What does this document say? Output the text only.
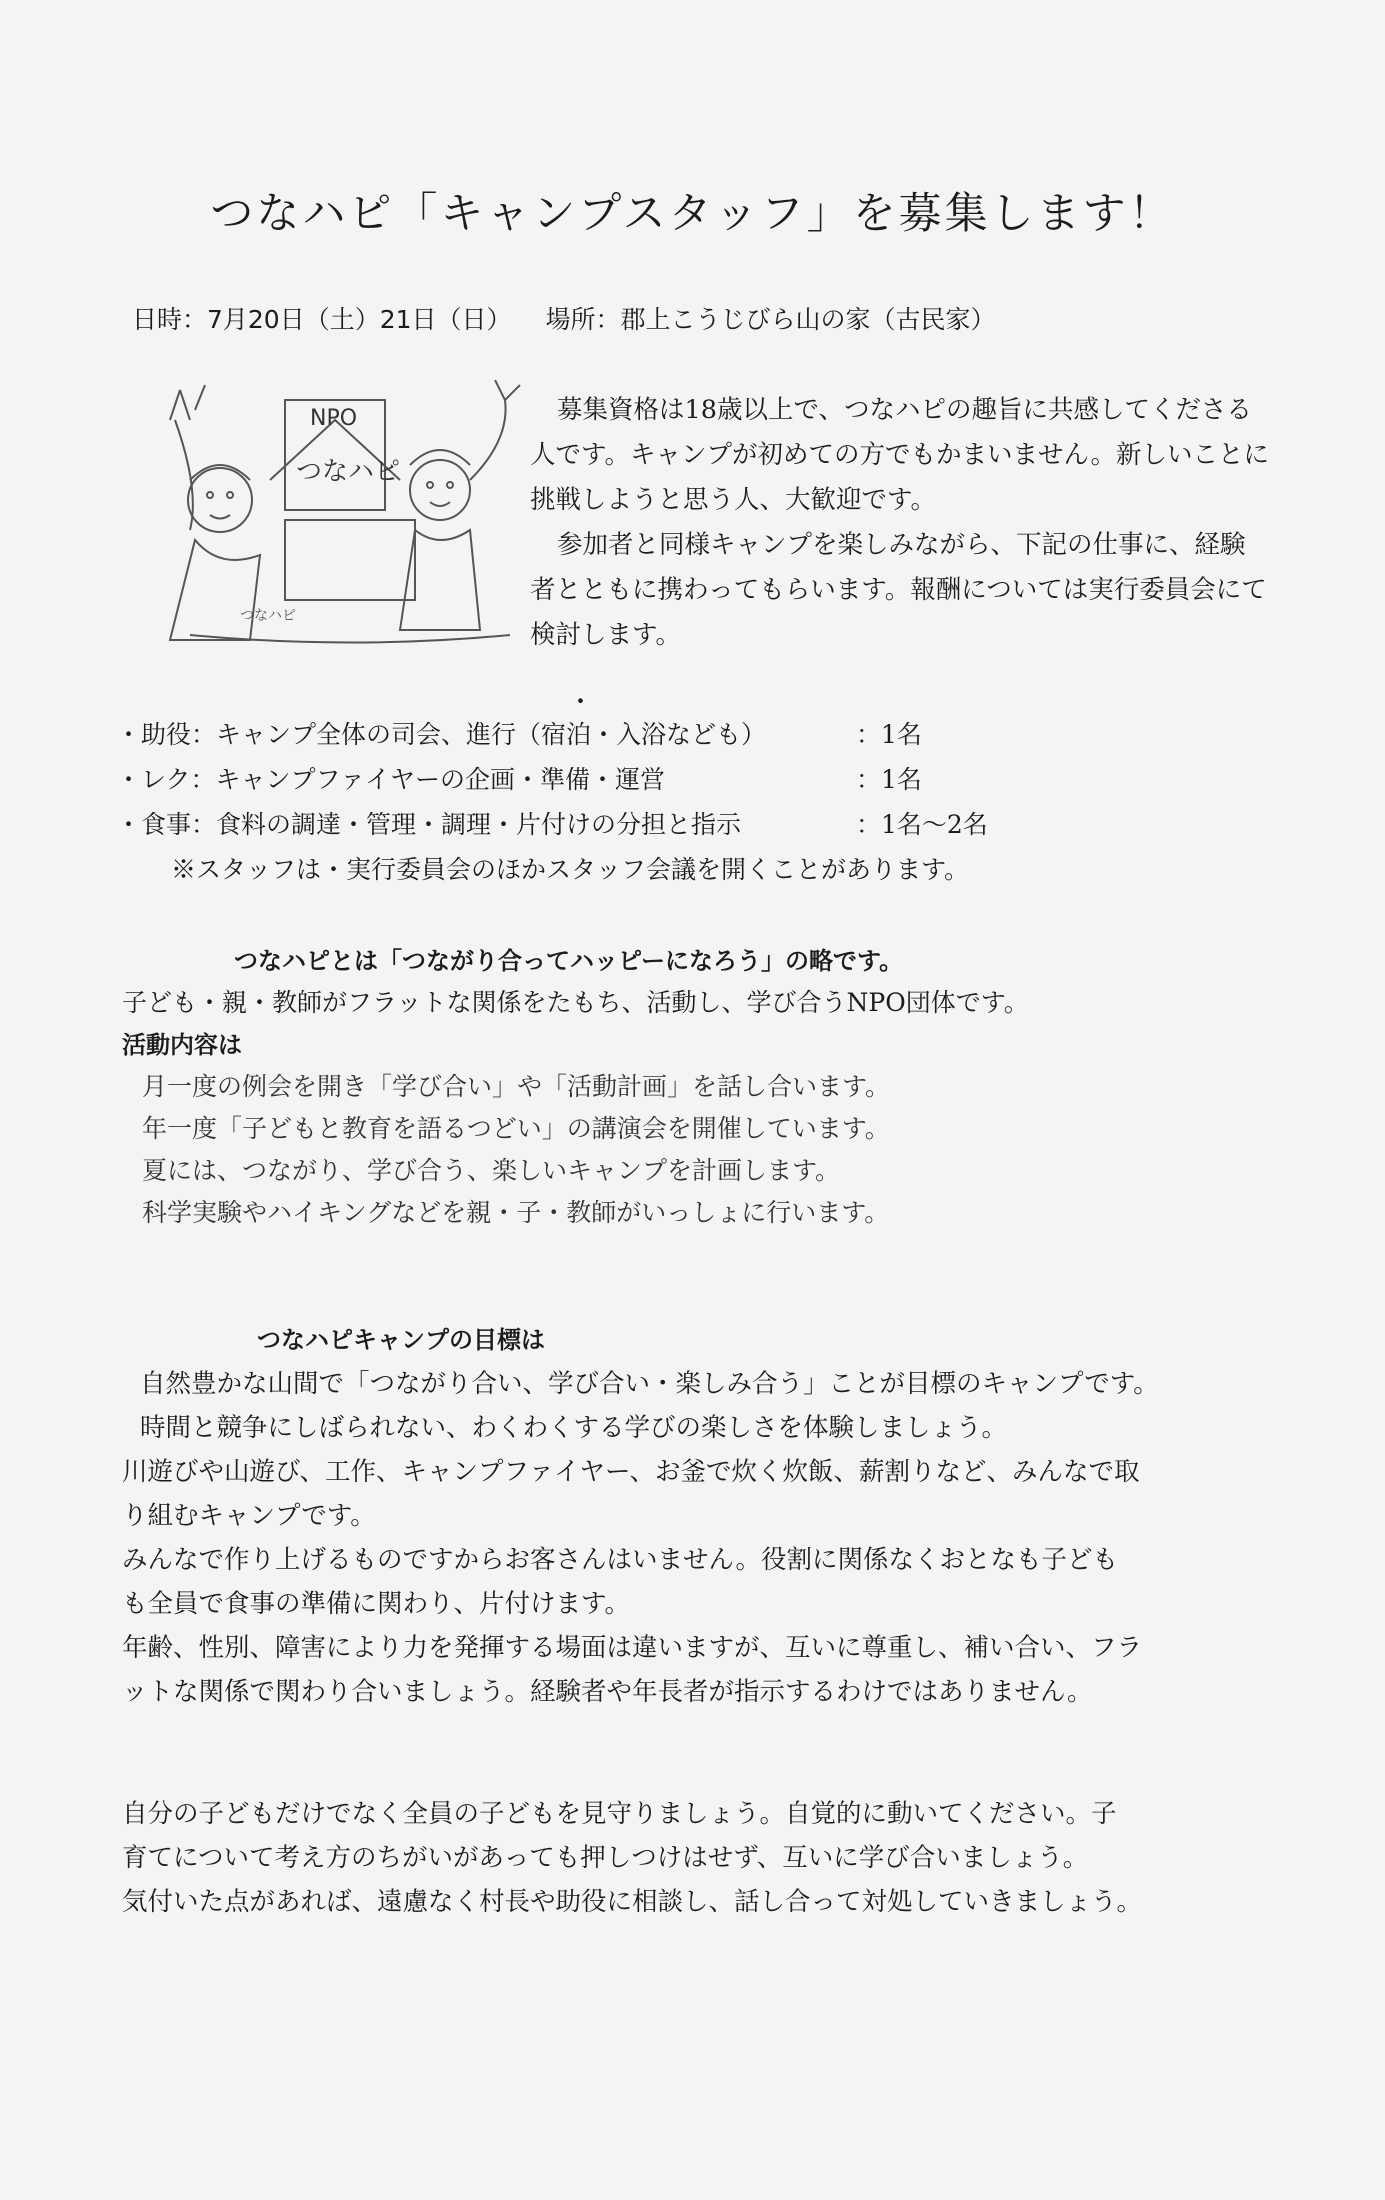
つなハピ「キャンプスタッフ」を募集します！
日時：7月20日（土）21日（日） 場所：郡上こうじびら山の家（古民家）
NPO
つなハピ
つなハピ

募集資格は18歳以上で、つなハピの趣旨に共感してくださる人です。キャンプが初めての方でもかまいません。新しいことに挑戦しようと思う人、大歓迎です。

参加者と同様キャンプを楽しみながら、下記の仕事に、経験者とともに携わってもらいます。報酬については実行委員会にて検討します。

・
・助役：キャンプ全体の司会、進行（宿泊・入浴なども）	：1名
・レク：キャンプファイヤーの企画・準備・運営	：1名
・食事：食料の調達・管理・調理・片付けの分担と指示	：1名～2名
※スタッフは・実行委員会のほかスタッフ会議を開くことがあります。
つなハピとは「つながり合ってハッピーになろう」の略です。
子ども・親・教師がフラットな関係をたもち、活動し、学び合うNPO団体です。
活動内容は
月一度の例会を開き「学び合い」や「活動計画」を話し合います。
年一度「子どもと教育を語るつどい」の講演会を開催しています。
夏には、つながり、学び合う、楽しいキャンプを計画します。
科学実験やハイキングなどを親・子・教師がいっしょに行います。
つなハピキャンプの目標は
自然豊かな山間で「つながり合い、学び合い・楽しみ合う」ことが目標のキャンプです。
時間と競争にしばられない、わくわくする学びの楽しさを体験しましょう。
川遊びや山遊び、工作、キャンプファイヤー、お釜で炊く炊飯、薪割りなど、みんなで取
り組むキャンプです。
みんなで作り上げるものですからお客さんはいません。役割に関係なくおとなも子ども
も全員で食事の準備に関わり、片付けます。
年齢、性別、障害により力を発揮する場面は違いますが、互いに尊重し、補い合い、フラ
ットな関係で関わり合いましょう。経験者や年長者が指示するわけではありません。
自分の子どもだけでなく全員の子どもを見守りましょう。自覚的に動いてください。子
育てについて考え方のちがいがあっても押しつけはせず、互いに学び合いましょう。
気付いた点があれば、遠慮なく村長や助役に相談し、話し合って対処していきましょう。
